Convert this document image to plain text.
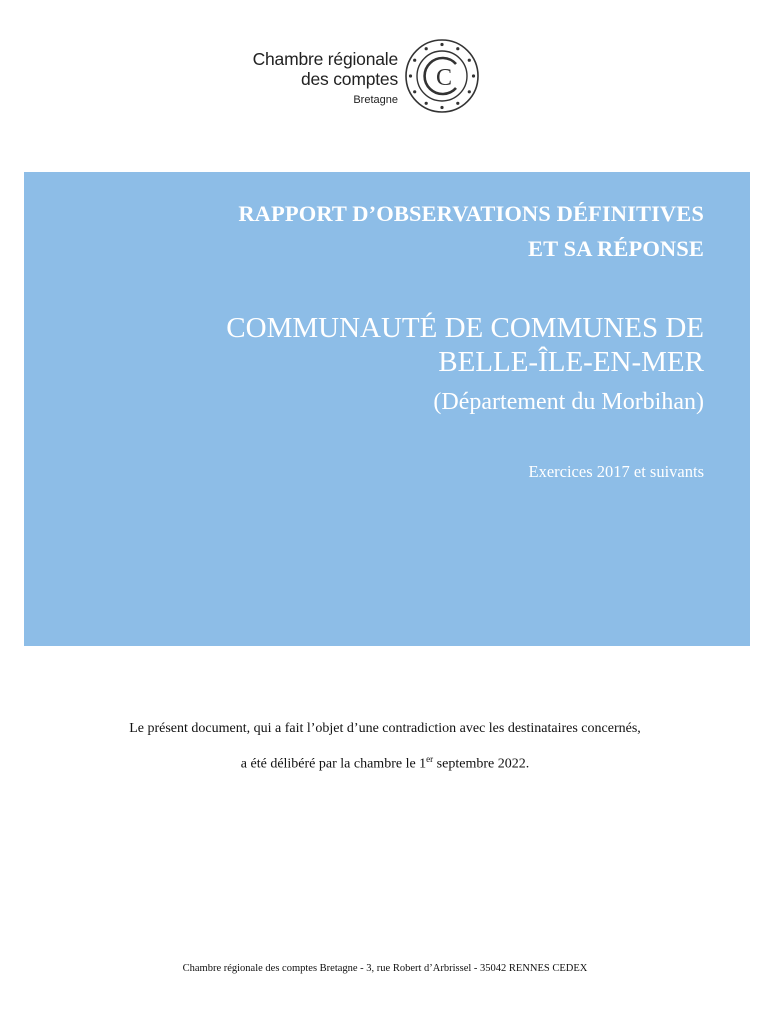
Chambre régionale
des comptes
Bretagne
C
RAPPORT D’OBSERVATIONS DÉFINITIVES
ET SA RÉPONSE
COMMUNAUTÉ DE COMMUNES DE
BELLE-ÎLE-EN-MER
(Département du Morbihan)
Exercices 2017 et suivants
Le présent document, qui a fait l’objet d’une contradiction avec les destinataires concernés,
a été délibéré par la chambre le 1er septembre 2022.
Chambre régionale des comptes Bretagne - 3, rue Robert d’Arbrissel - 35042 RENNES CEDEX
